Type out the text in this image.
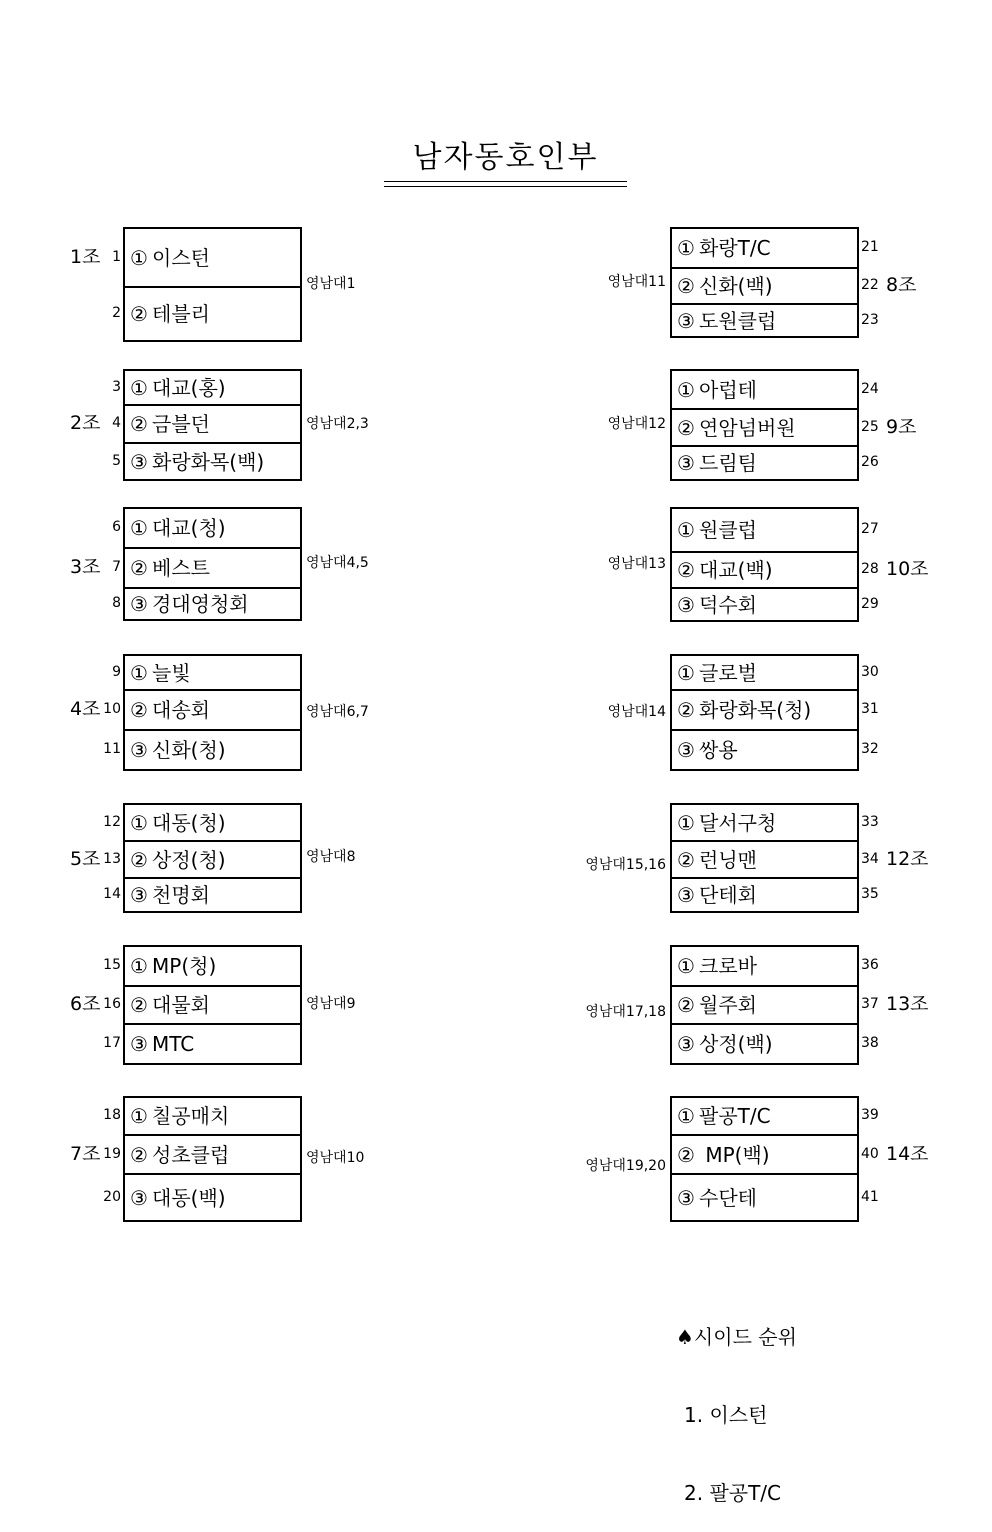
남자동호인부
① 이스턴
② 테블리
1
2
1조
영남대1
① 대교(홍)
② 금블던
③ 화랑화목(백)
3
4
5
2조	영남대2,3
① 대교(청)
② 베스트
③ 경대영청회
6
7
8
3조	영남대4,5
① 늘빛
② 대송회
③ 신화(청)
9
10
11
4조	영남대6,7
① 대동(청)
② 상정(청)
③ 천명회
12
13
14
5조	영남대8
① MP(청)
② 대물회
③ MTC
15
16
17
6조	영남대9
① 칠공매치
② 성초클럽
③ 대동(백)
18
19
20
7조	영남대10
① 화랑T/C
② 신화(백)
③ 도원클럽
21
22
23
8조
영남대11
① 아럽테
② 연암넘버원
③ 드림팀
24
25
26
9조
영남대12
① 원클럽
② 대교(백)
③ 덕수회
27
28
29
10조
영남대13
① 글로벌
② 화랑화목(청)
③ 쌍용
30
31
32
영남대14
① 달서구청
② 런닝맨
③ 단테회
33
34
35
12조
영남대15,16
① 크로바
② 월주회
③ 상정(백)
36
37
38
13조
영남대17,18
① 팔공T/C
② MP(백)
③ 수단테
39
40
41
14조
영남대19,20

♠시이드 순위

1. 이스턴

2. 팔공T/C
